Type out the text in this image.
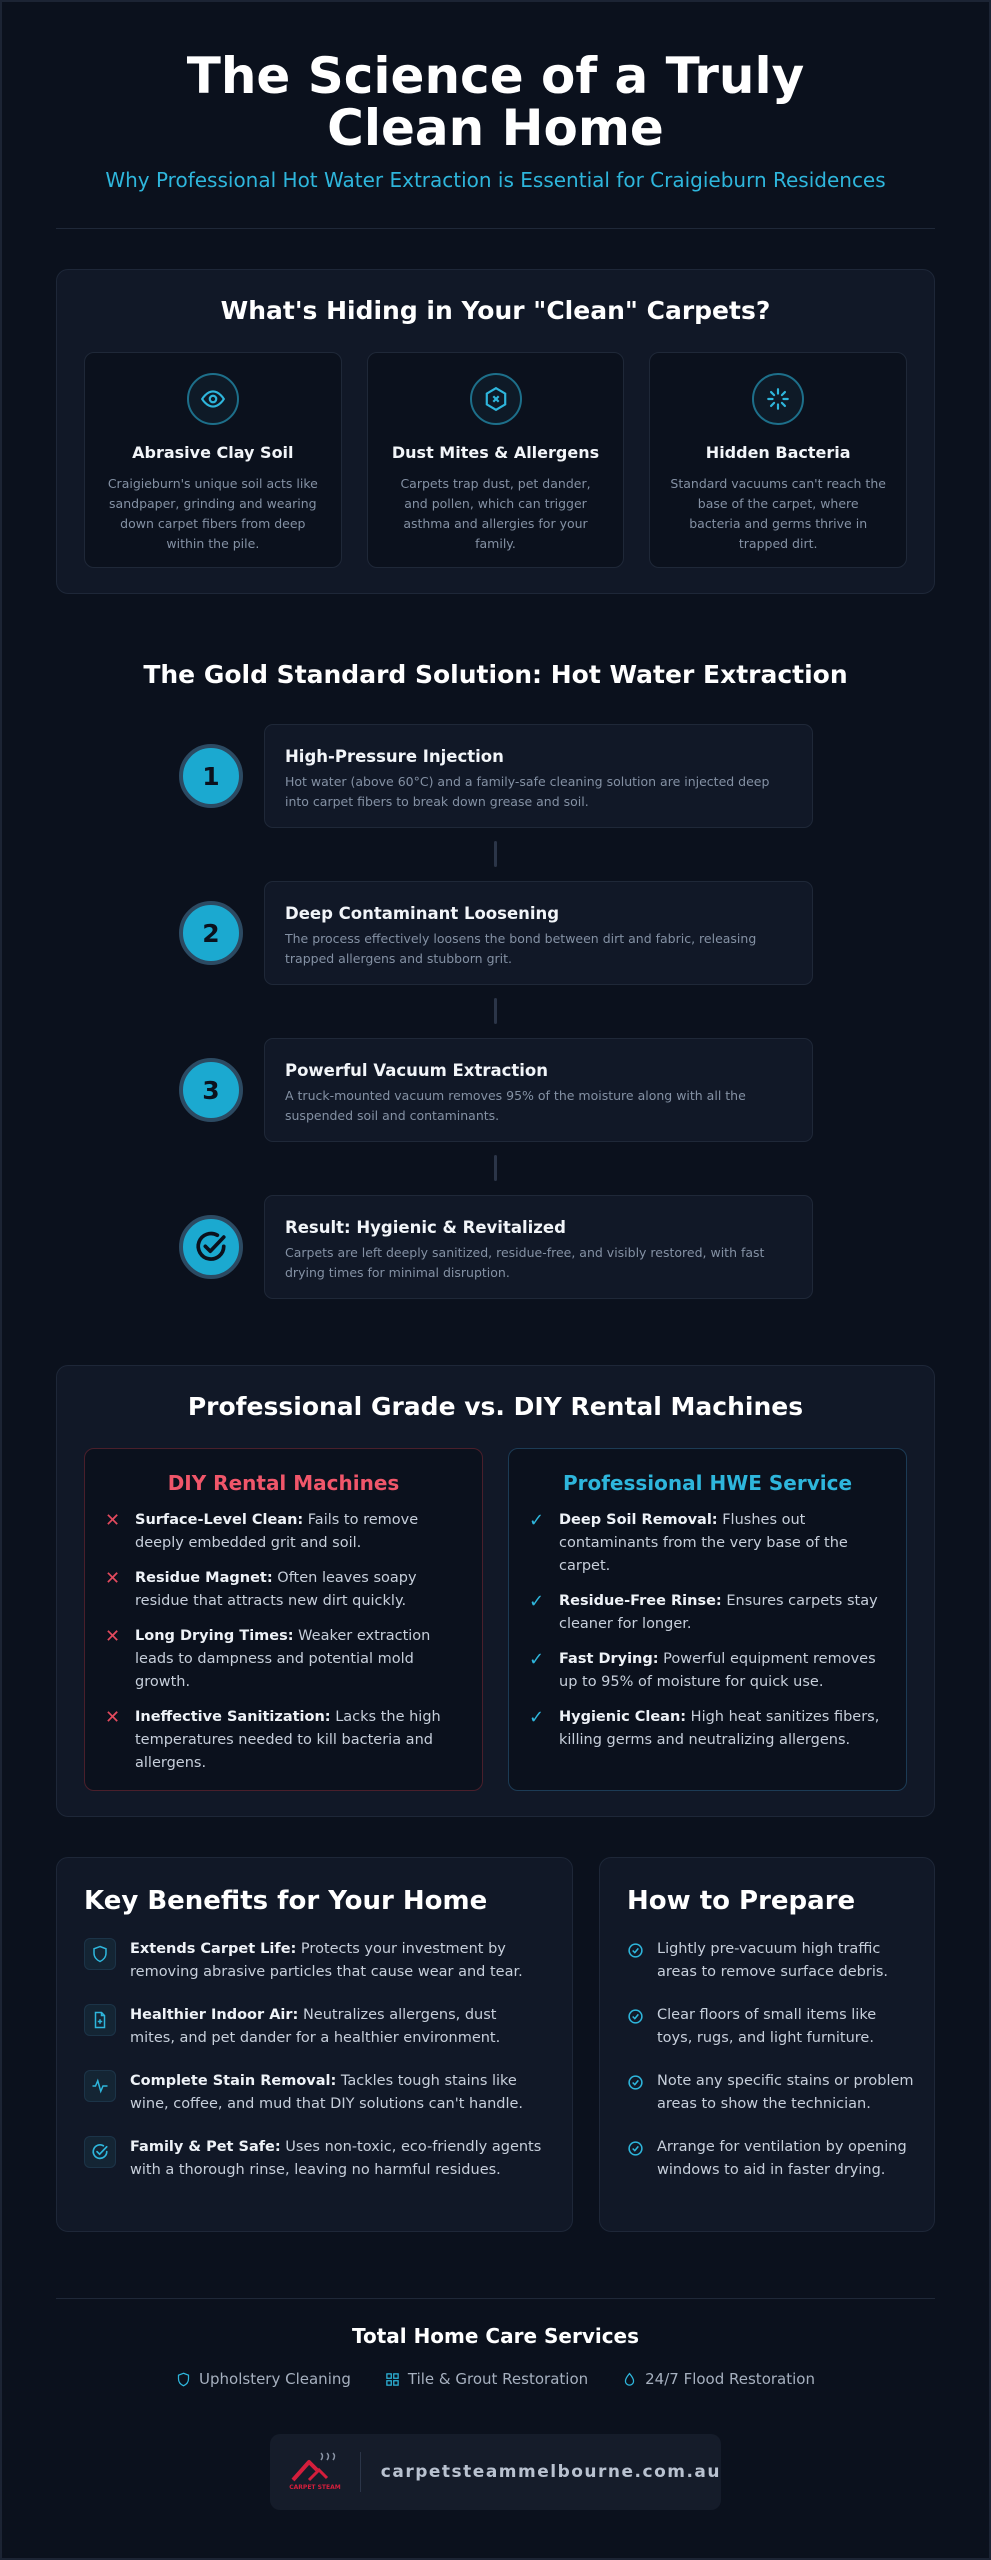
The Science of a Truly Clean Home
Why Professional Hot Water Extraction is Essential for Craigieburn Residences
What's Hiding in Your "Clean" Carpets?
Abrasive Clay Soil

Craigieburn's unique soil acts like sandpaper, grinding and wearing down carpet fibers from deep within the pile.

Dust Mites & Allergens

Carpets trap dust, pet dander, and pollen, which can trigger asthma and allergies for your family.

Hidden Bacteria

Standard vacuums can't reach the base of the carpet, where bacteria and germs thrive in trapped dirt.

The Gold Standard Solution: Hot Water Extraction
1
High-Pressure Injection

Hot water (above 60°C) and a family-safe cleaning solution are injected deep into carpet fibers to break down grease and soil.

2
Deep Contaminant Loosening

The process effectively loosens the bond between dirt and fabric, releasing trapped allergens and stubborn grit.

3
Powerful Vacuum Extraction

A truck-mounted vacuum removes 95% of the moisture along with all the suspended soil and contaminants.

Result: Hygienic & Revitalized

Carpets are left deeply sanitized, residue-free, and visibly restored, with fast drying times for minimal disruption.

Professional Grade vs. DIY Rental Machines
DIY Rental Machines
✕	Surface-Level Clean: Fails to remove deeply embedded grit and soil.
✕	Residue Magnet: Often leaves soapy residue that attracts new dirt quickly.
✕	Long Drying Times: Weaker extraction leads to dampness and potential mold growth.
✕	Ineffective Sanitization: Lacks the high temperatures needed to kill bacteria and allergens.
Professional HWE Service
✓	Deep Soil Removal: Flushes out contaminants from the very base of the carpet.
✓	Residue-Free Rinse: Ensures carpets stay cleaner for longer.
✓	Fast Drying: Powerful equipment removes up to 95% of moisture for quick use.
✓	Hygienic Clean: High heat sanitizes fibers, killing germs and neutralizing allergens.
Key Benefits for Your Home
Extends Carpet Life: Protects your investment by removing abrasive particles that cause wear and tear.
Healthier Indoor Air: Neutralizes allergens, dust mites, and pet dander for a healthier environment.
Complete Stain Removal: Tackles tough stains like wine, coffee, and mud that DIY solutions can't handle.
Family & Pet Safe: Uses non-toxic, eco-friendly agents with a thorough rinse, leaving no harmful residues.
How to Prepare
Lightly pre-vacuum high traffic areas to remove surface debris.
Clear floors of small items like toys, rugs, and light furniture.
Note any specific stains or problem areas to show the technician.
Arrange for ventilation by opening windows to aid in faster drying.
Total Home Care Services
Upholstery Cleaning	Tile & Grout Restoration	24/7 Flood Restoration
CARPET STEAM
carpetsteammelbourne.com.au
